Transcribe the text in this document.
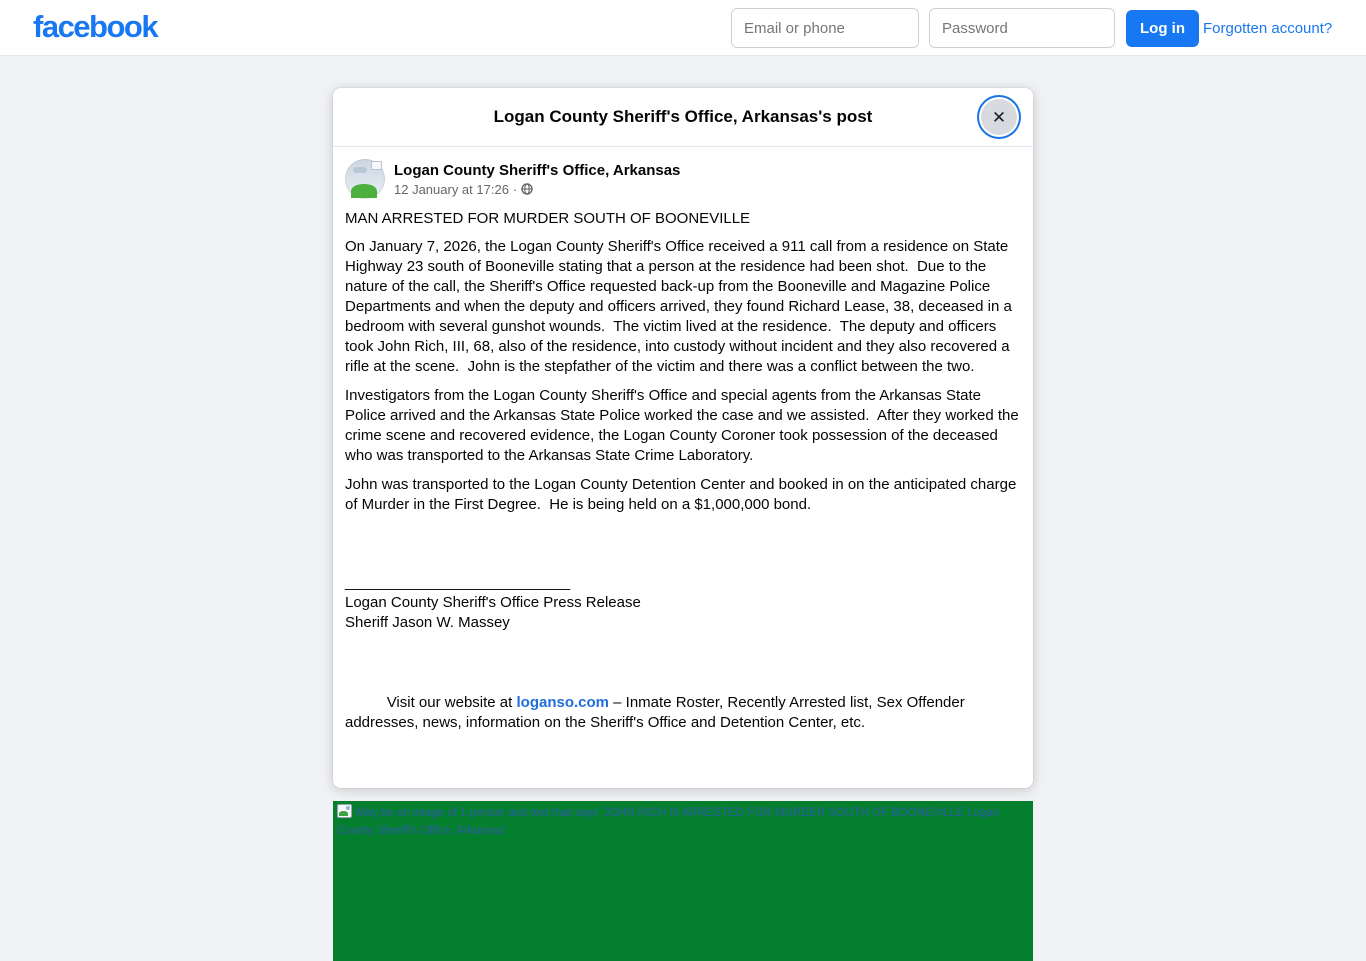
facebook
Email or phone	Log in	Forgotten account?
Logan County Sheriff's Office, Arkansas's post	✕
Logan County Sheriff's Office, Arkansas
12 January at 17:26 ·
MAN ARRESTED FOR MURDER SOUTH OF BOONEVILLE
On January 7, 2026, the Logan County Sheriff's Office received a 911 call from a residence on State Highway 23 south of Booneville stating that a person at the residence had been shot.  Due to the nature of the call, the Sheriff's Office requested back-up from the Booneville and Magazine Police Departments and when the deputy and officers arrived, they found Richard Lease, 38, deceased in a bedroom with several gunshot wounds.  The victim lived at the residence.  The deputy and officers took John Rich, III, 68, also of the residence, into custody without incident and they also recovered a rifle at the scene.  John is the stepfather of the victim and there was a conflict between the two.
Investigators from the Logan County Sheriff's Office and special agents from the Arkansas State Police arrived and the Arkansas State Police worked the case and we assisted.  After they worked the crime scene and recovered evidence, the Logan County Coroner took possession of the deceased who was transported to the Arkansas State Crime Laboratory.
John was transported to the Logan County Detention Center and booked in on the anticipated charge of Murder in the First Degree.  He is being held on a $1,000,000 bond.

___________________________
Logan County Sheriff's Office Press Release
Sheriff Jason W. Massey

Visit our website at loganso.com – Inmate Roster, Recently Arrested list, Sex Offender addresses, news, information on the Sheriff's Office and Detention Center, etc.

May be an image of 1 person and text that says 'JOHN RICH III ARRESTED FOR MURDER SOUTH OF BOONEVILLE Logan County Sheriff's Office, Arkansas'
